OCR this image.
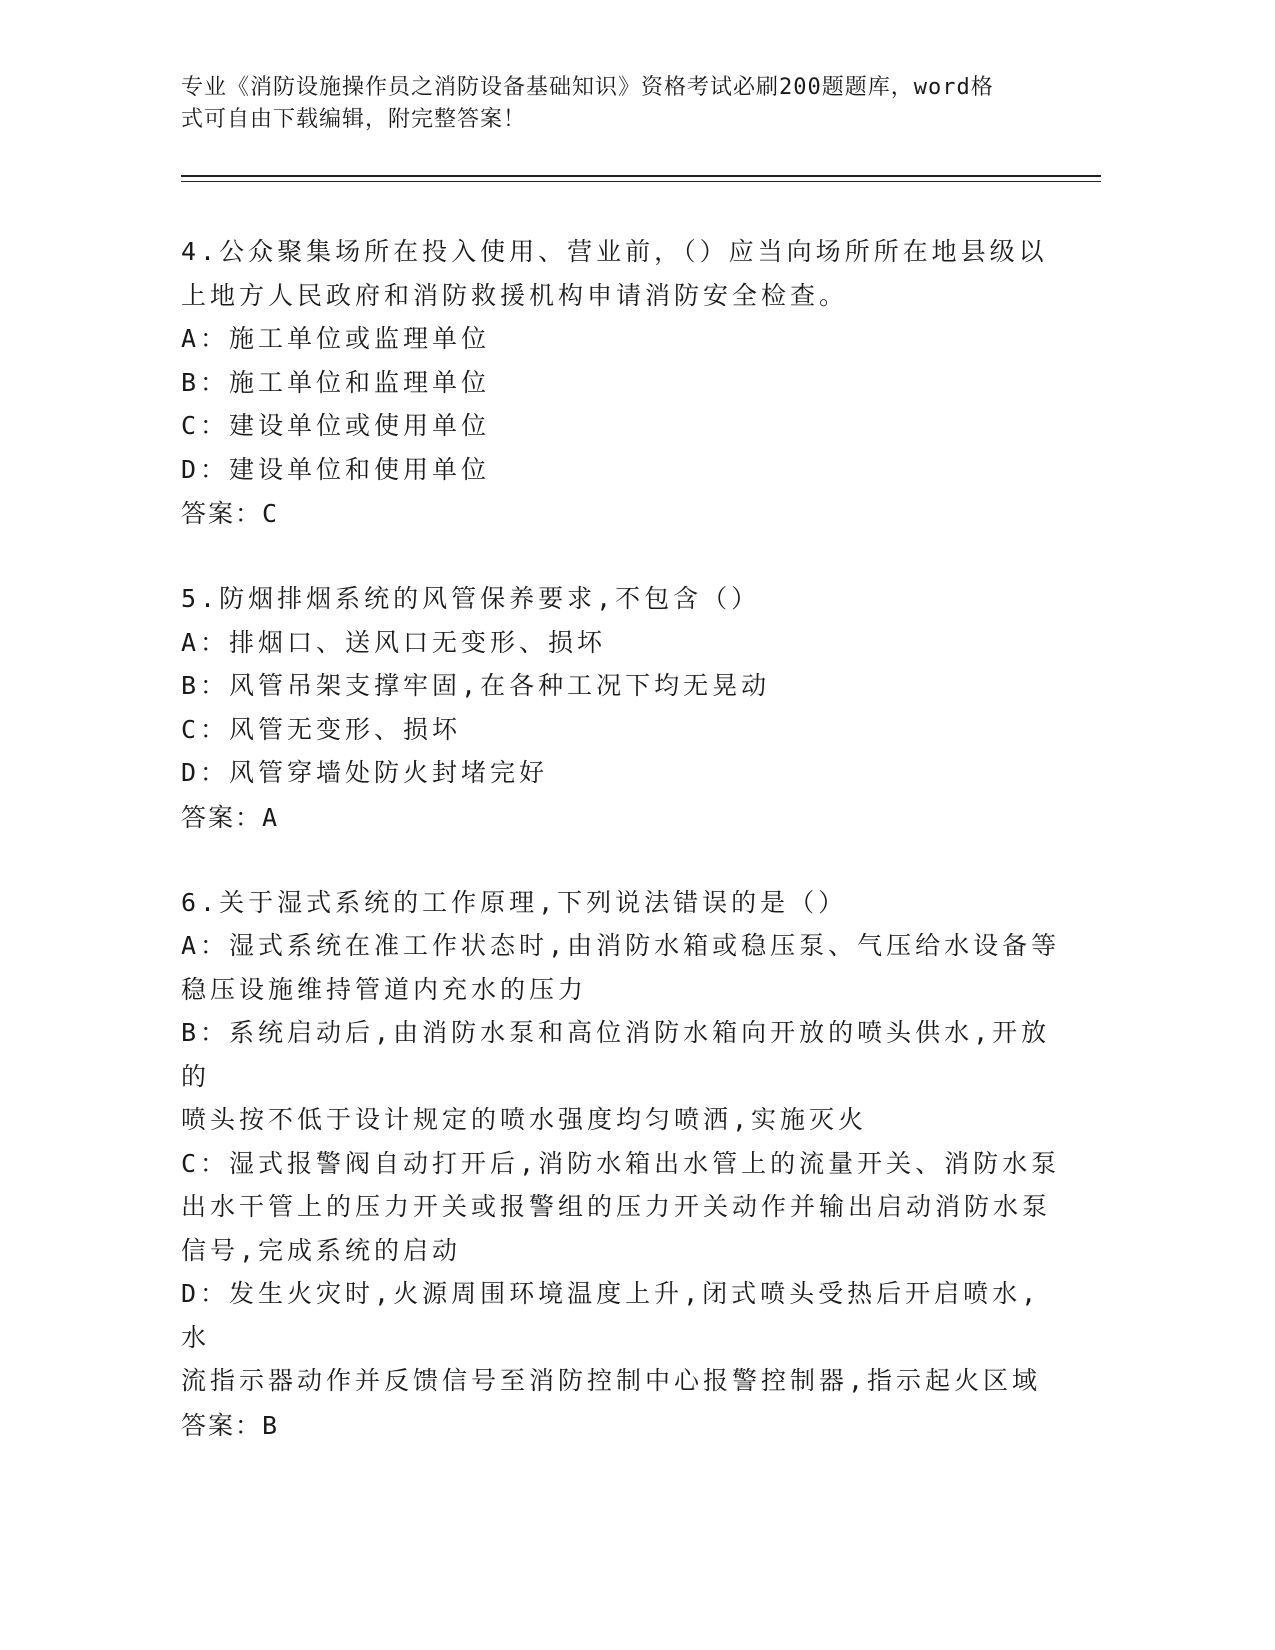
专业《消防设施操作员之消防设备基础知识》资格考试必刷200题题库，word格
式可自由下载编辑，附完整答案！
4.公众聚集场所在投入使用、营业前，（）应当向场所所在地县级以
上地方人民政府和消防救援机构申请消防安全检查。
A：施工单位或监理单位
B：施工单位和监理单位
C：建设单位或使用单位
D：建设单位和使用单位
答案：C
5.防烟排烟系统的风管保养要求,不包含（）
A：排烟口、送风口无变形、损坏
B：风管吊架支撑牢固,在各种工况下均无晃动
C：风管无变形、损坏
D：风管穿墙处防火封堵完好
答案：A
6.关于湿式系统的工作原理,下列说法错误的是（）
A：湿式系统在准工作状态时,由消防水箱或稳压泵、气压给水设备等
稳压设施维持管道内充水的压力
B：系统启动后,由消防水泵和高位消防水箱向开放的喷头供水,开放的
喷头按不低于设计规定的喷水强度均匀喷洒,实施灭火
C：湿式报警阀自动打开后,消防水箱出水管上的流量开关、消防水泵
出水干管上的压力开关或报警组的压力开关动作并输出启动消防水泵
信号,完成系统的启动
D：发生火灾时,火源周围环境温度上升,闭式喷头受热后开启喷水,水
流指示器动作并反馈信号至消防控制中心报警控制器,指示起火区域
答案：B
